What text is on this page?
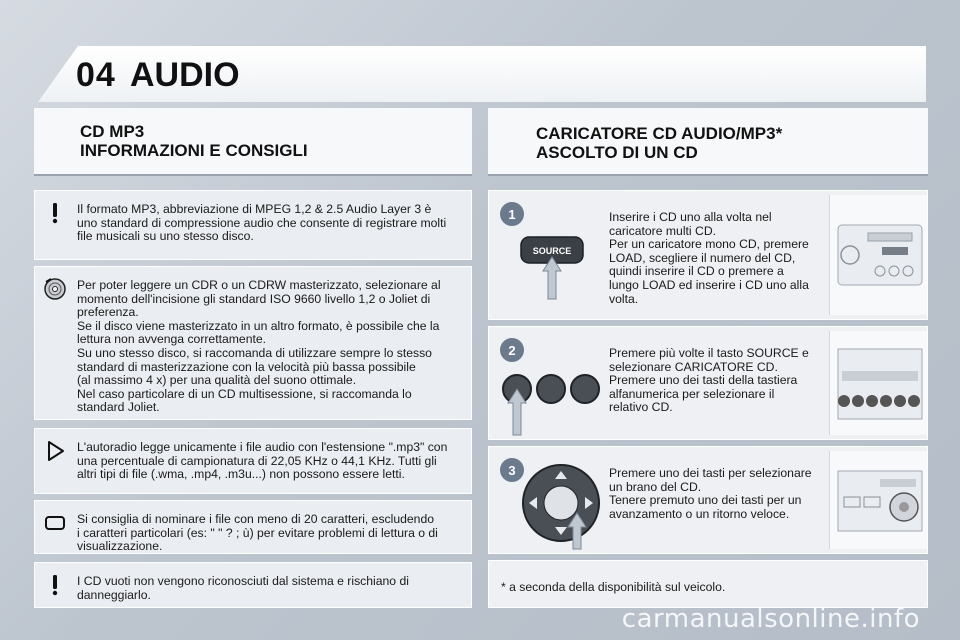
04 AUDIO
CD MP3
INFORMAZIONI E CONSIGLI
CARICATORE CD AUDIO/MP3*
ASCOLTO DI UN CD

Il formato MP3, abbreviazione di MPEG 1,2 & 2.5 Audio Layer 3 è
uno standard di compressione audio che consente di registrare molti
file musicali su uno stesso disco.

Per poter leggere un CDR o un CDRW masterizzato, selezionare al
momento dell'incisione gli standard ISO 9660 livello 1,2 o Joliet di
preferenza.
Se il disco viene masterizzato in un altro formato, è possibile che la
lettura non avvenga correttamente.
Su uno stesso disco, si raccomanda di utilizzare sempre lo stesso
standard di masterizzazione con la velocità più bassa possibile
(al massimo 4 x) per una qualità del suono ottimale.
Nel caso particolare di un CD multisessione, si raccomanda lo
standard Joliet.

L'autoradio legge unicamente i file audio con l'estensione ".mp3" con
una percentuale di campionatura di 22,05 KHz o 44,1 KHz. Tutti gli
altri tipi di file (.wma, .mp4, .m3u...) non possono essere letti.

Si consiglia di nominare i file con meno di 20 caratteri, escludendo
i caratteri particolari (es: " " ? ; ù) per evitare problemi di lettura o di
visualizzazione.

I CD vuoti non vengono riconosciuti dal sistema e rischiano di
danneggiarlo.

1
SOURCE

Inserire i CD uno alla volta nel
caricatore multi CD.
Per un caricatore mono CD, premere
LOAD, scegliere il numero del CD,
quindi inserire il CD o premere a
lungo LOAD ed inserire i CD uno alla
volta.

2	Premere più volte il tasto SOURCE e
selezionare CARICATORE CD.
Premere uno dei tasti della tastiera
alfanumerica per selezionare il
relativo CD.

3	Premere uno dei tasti per selezionare
un brano del CD.
Tenere premuto uno dei tasti per un
avanzamento o un ritorno veloce.

* a seconda della disponibilità sul veicolo.

carmanualsonline.info
